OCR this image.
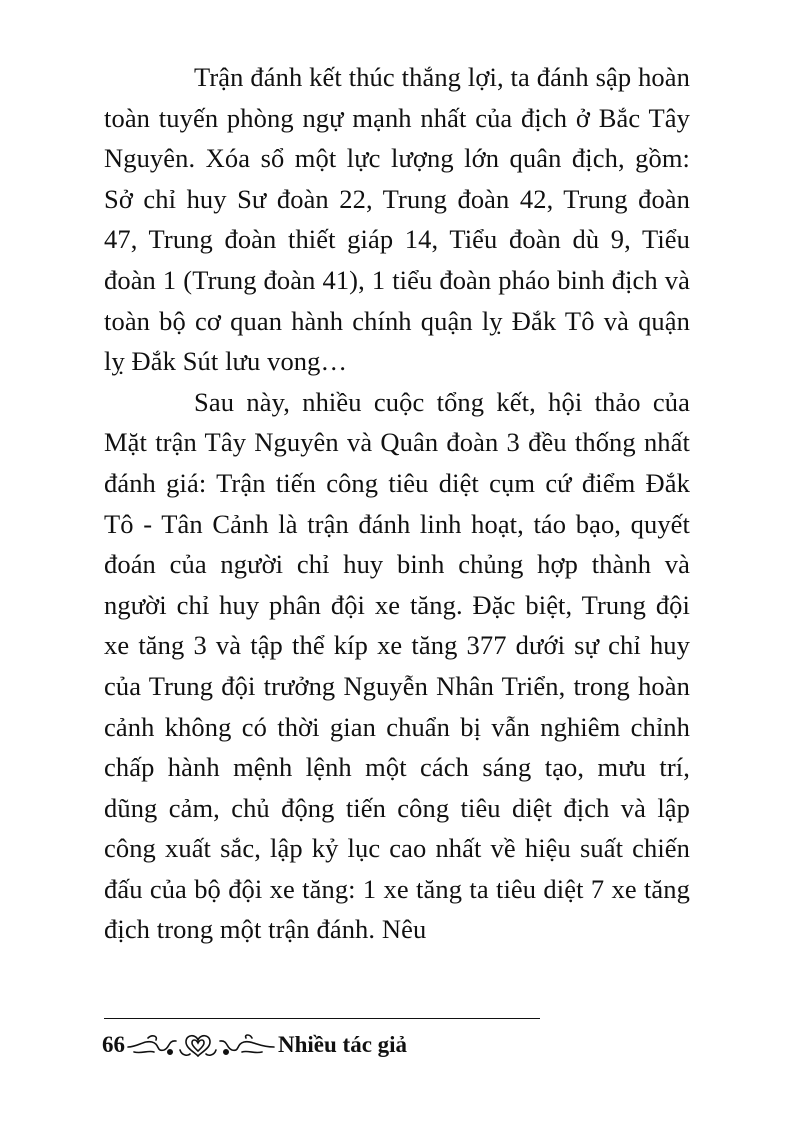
Trận đánh kết thúc thắng lợi, ta đánh sập hoàn toàn tuyến phòng ngự mạnh nhất của địch ở Bắc Tây Nguyên. Xóa sổ một lực lượng lớn quân địch, gồm: Sở chỉ huy Sư đoàn 22, Trung đoàn 42, Trung đoàn 47, Trung đoàn thiết giáp 14, Tiểu đoàn dù 9, Tiểu đoàn 1 (Trung đoàn 41), 1 tiểu đoàn pháo binh địch và toàn bộ cơ quan hành chính quận lỵ Đắk Tô và quận lỵ Đắk Sút lưu vong…

Sau này, nhiều cuộc tổng kết, hội thảo của Mặt trận Tây Nguyên và Quân đoàn 3 đều thống nhất đánh giá: Trận tiến công tiêu diệt cụm cứ điểm Đắk Tô - Tân Cảnh là trận đánh linh hoạt, táo bạo, quyết đoán của người chỉ huy binh chủng hợp thành và người chỉ huy phân đội xe tăng. Đặc biệt, Trung đội xe tăng 3 và tập thể kíp xe tăng 377 dưới sự chỉ huy của Trung đội trưởng Nguyễn Nhân Triển, trong hoàn cảnh không có thời gian chuẩn bị vẫn nghiêm chỉnh chấp hành mệnh lệnh một cách sáng tạo, mưu trí, dũng cảm, chủ động tiến công tiêu diệt địch và lập công xuất sắc, lập kỷ lục cao nhất về hiệu suất chiến đấu của bộ đội xe tăng: 1 xe tăng ta tiêu diệt 7 xe tăng địch trong một trận đánh. Nêu

66	Nhiều tác giả
